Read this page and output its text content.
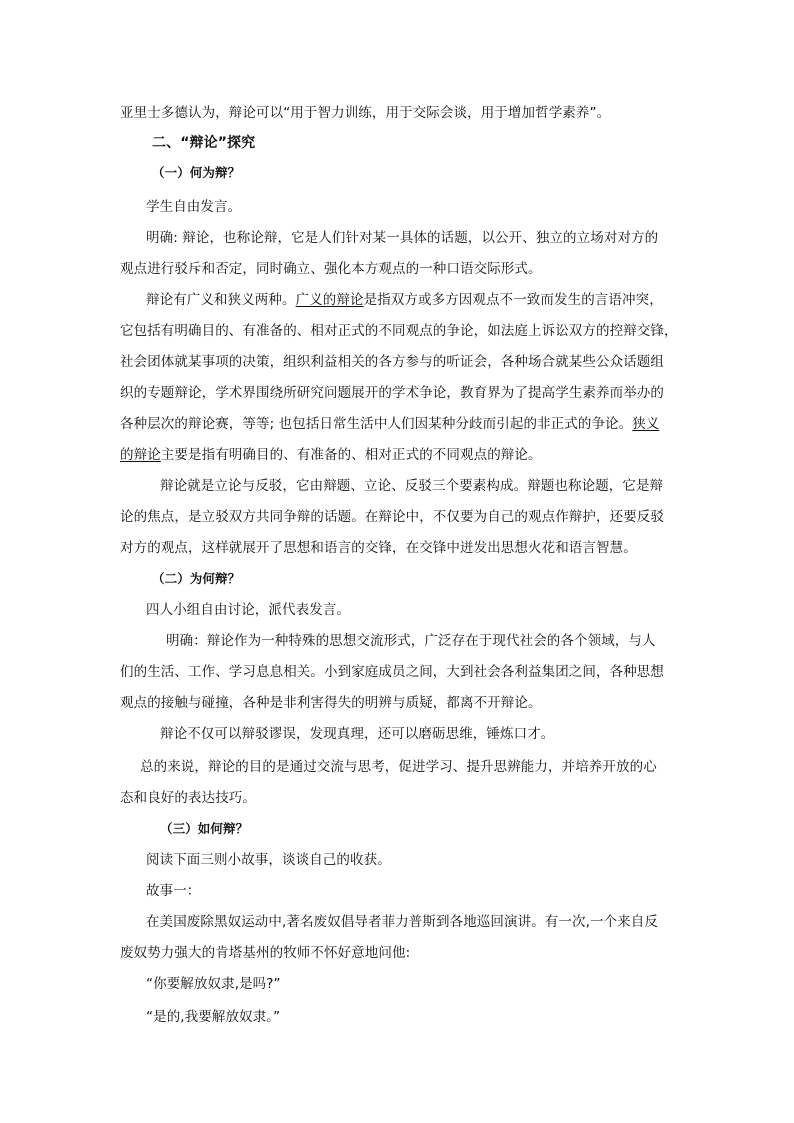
亚里士多德认为，辩论可以“用于智力训练，用于交际会谈，用于增加哲学素养”。
二、“辩论”探究
（一）何为辩？
学生自由发言。
明确: 辩论，也称论辩，它是人们针对某一具体的话题，以公开、独立的立场对对方的
观点进行驳斥和否定，同时确立、强化本方观点的一种口语交际形式。
辩论有广义和狭义两种。广义的辩论是指双方或多方因观点不一致而发生的言语冲突，
它包括有明确目的、有准备的、相对正式的不同观点的争论，如法庭上诉讼双方的控辩交锋，
社会团体就某事项的决策，组织利益相关的各方参与的听证会，各种场合就某些公众话题组
织的专题辩论，学术界围绕所研究问题展开的学术争论，教育界为了提高学生素养而举办的
各种层次的辩论赛，等等; 也包括日常生活中人们因某种分歧而引起的非正式的争论。狭义
的辩论主要是指有明确目的、有准备的、相对正式的不同观点的辩论。
辩论就是立论与反驳，它由辩题、立论、反驳三个要素构成。辩题也称论题，它是辩
论的焦点，是立驳双方共同争辩的话题。在辩论中，不仅要为自己的观点作辩护，还要反驳
对方的观点，这样就展开了思想和语言的交锋，在交锋中迸发出思想火花和语言智慧。
（二）为何辩？
四人小组自由讨论，派代表发言。
明确：辩论作为一种特殊的思想交流形式，广泛存在于现代社会的各个领域，与人
们的生活、工作、学习息息相关。小到家庭成员之间，大到社会各利益集团之间，各种思想
观点的接触与碰撞，各种是非利害得失的明辨与质疑，都离不开辩论。
辩论不仅可以辩驳谬误，发现真理，还可以磨砺思维，锤炼口才。
总的来说，辩论的目的是通过交流与思考，促进学习、提升思辨能力，并培养开放的心
态和良好的表达技巧。
（三）如何辩？
阅读下面三则小故事，谈谈自己的收获。
故事一：
在美国废除黑奴运动中,著名废奴倡导者菲力普斯到各地巡回演讲。有一次,一个来自反
废奴势力强大的肯塔基州的牧师不怀好意地问他:
“你要解放奴隶,是吗?”
“是的,我要解放奴隶。”
